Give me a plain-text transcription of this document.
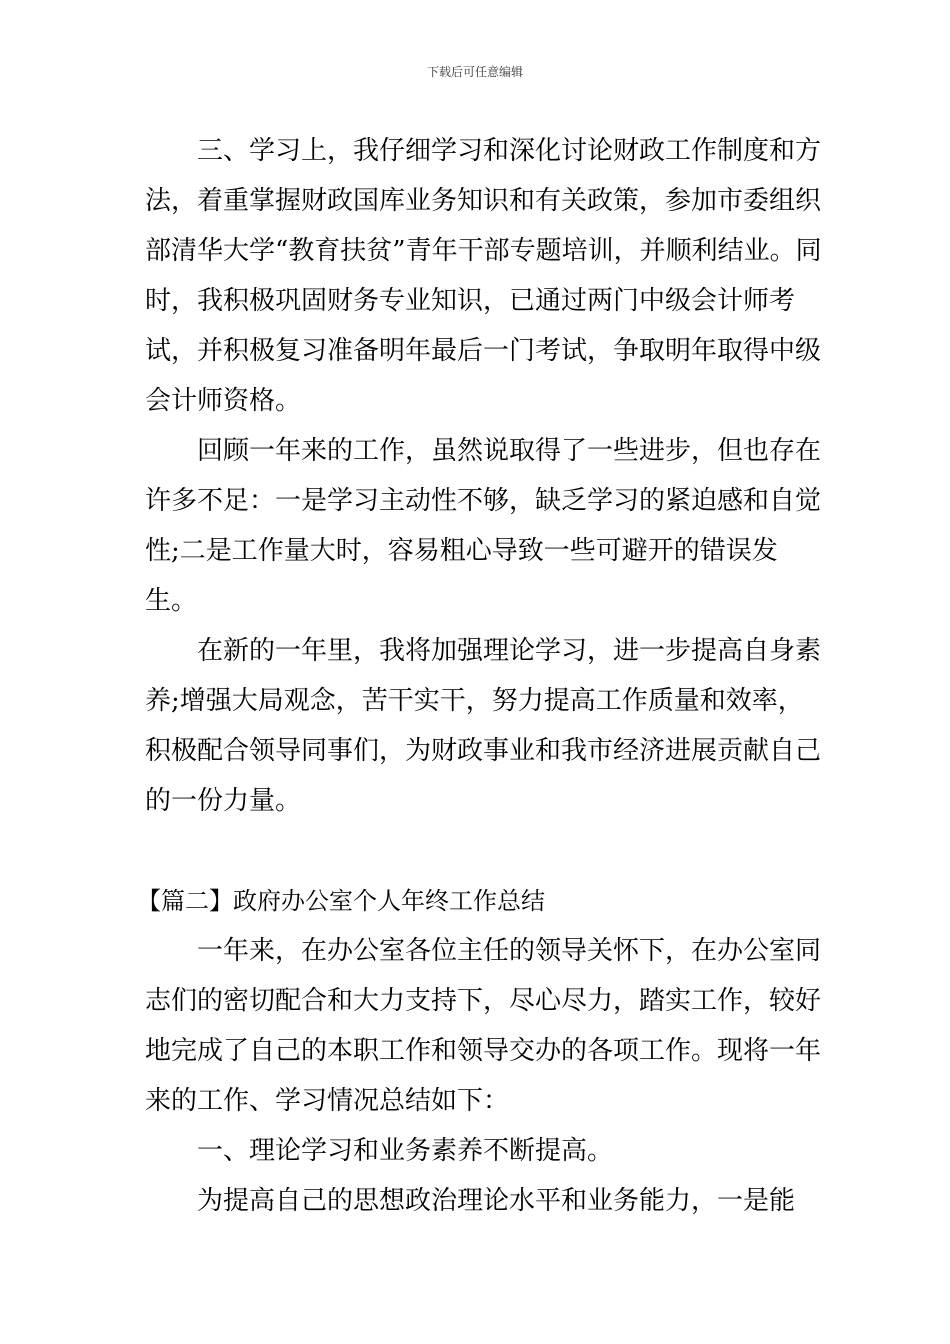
下载后可任意编辑

三、学习上，我仔细学习和深化讨论财政工作制度和方法，着重掌握财政国库业务知识和有关政策，参加市委组织部清华大学“教育扶贫”青年干部专题培训，并顺利结业。同时，我积极巩固财务专业知识，已通过两门中级会计师考试，并积极复习准备明年最后一门考试，争取明年取得中级会计师资格。

回顾一年来的工作，虽然说取得了一些进步，但也存在许多不足：一是学习主动性不够，缺乏学习的紧迫感和自觉性;二是工作量大时，容易粗心导致一些可避开的错误发生。

在新的一年里，我将加强理论学习，进一步提高自身素养;增强大局观念，苦干实干，努力提高工作质量和效率，积极配合领导同事们，为财政事业和我市经济进展贡献自己的一份力量。

【篇二】政府办公室个人年终工作总结

一年来，在办公室各位主任的领导关怀下，在办公室同志们的密切配合和大力支持下，尽心尽力，踏实工作，较好地完成了自己的本职工作和领导交办的各项工作。现将一年来的工作、学习情况总结如下：

一、理论学习和业务素养不断提高。

为提高自己的思想政治理论水平和业务能力，一是能
